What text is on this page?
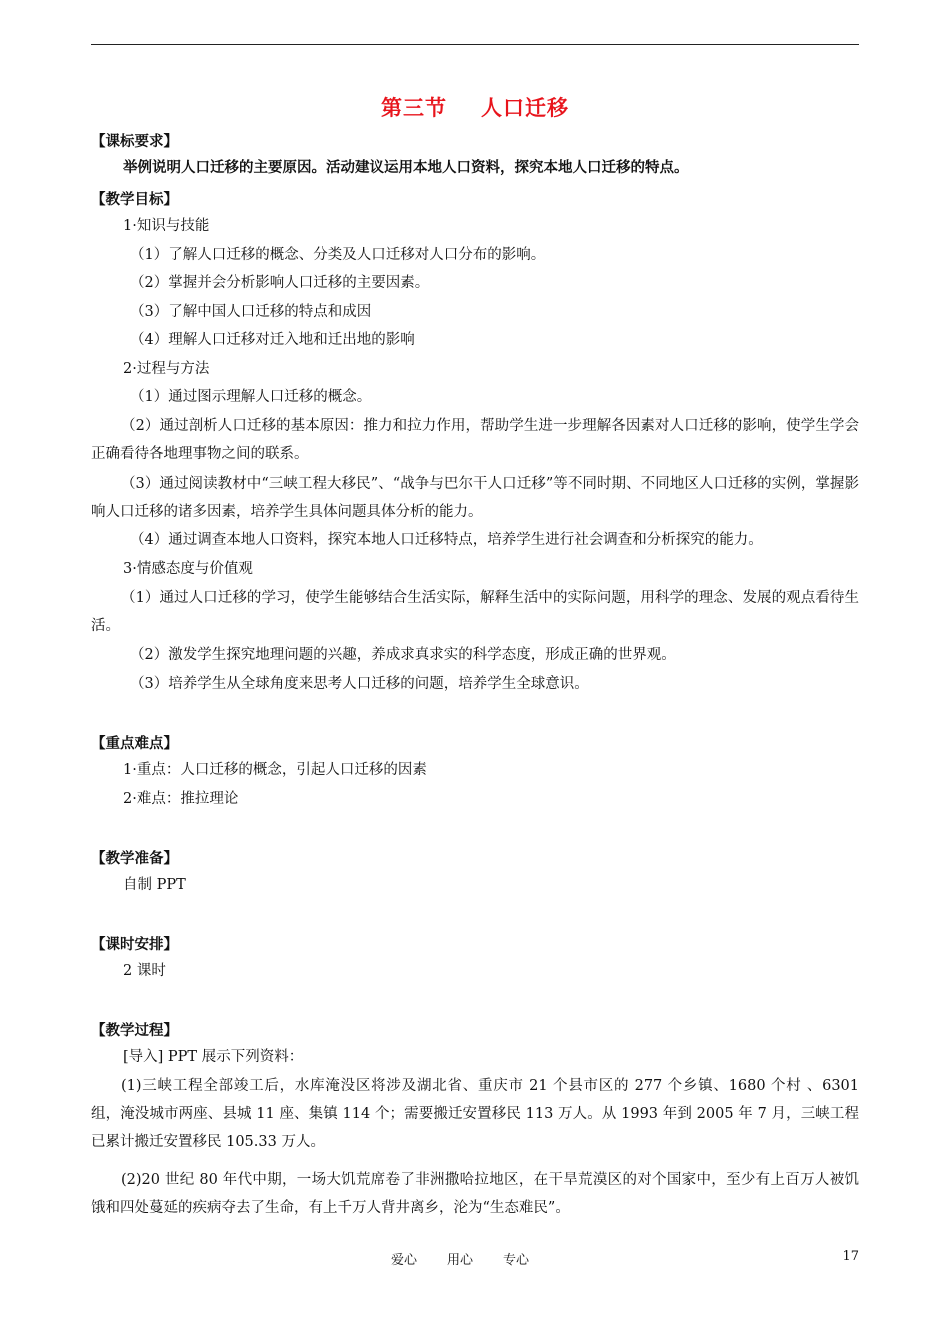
第三节 人口迁移
【课标要求】
举例说明人口迁移的主要原因。活动建议运用本地人口资料，探究本地人口迁移的特点。
【教学目标】
1·知识与技能
（1）了解人口迁移的概念、分类及人口迁移对人口分布的影响。
（2）掌握并会分析影响人口迁移的主要因素。
（3）了解中国人口迁移的特点和成因
（4）理解人口迁移对迁入地和迁出地的影响
2·过程与方法
（1）通过图示理解人口迁移的概念。
（2）通过剖析人口迁移的基本原因：推力和拉力作用，帮助学生进一步理解各因素对人口迁移的影响，使学生学会正确看待各地理事物之间的联系。
（3）通过阅读教材中“三峡工程大移民”、“战争与巴尔干人口迁移”等不同时期、不同地区人口迁移的实例，掌握影响人口迁移的诸多因素，培养学生具体问题具体分析的能力。
（4）通过调查本地人口资料，探究本地人口迁移特点，培养学生进行社会调查和分析探究的能力。
3·情感态度与价值观
（1）通过人口迁移的学习，使学生能够结合生活实际，解释生活中的实际问题，用科学的理念、发展的观点看待生活。
（2）激发学生探究地理问题的兴趣，养成求真求实的科学态度，形成正确的世界观。
（3）培养学生从全球角度来思考人口迁移的问题，培养学生全球意识。
【重点难点】
1·重点：人口迁移的概念，引起人口迁移的因素
2·难点：推拉理论
【教学准备】
自制 PPT
【课时安排】
2 课时
【教学过程】
[导入] PPT 展示下列资料：
(1)三峡工程全部竣工后，水库淹没区将涉及湖北省、重庆市 21 个县市区的 277 个乡镇、1680 个村 、6301 组，淹没城市两座、县城 11 座、集镇 114 个；需要搬迁安置移民 113 万人。从 1993 年到 2005 年 7 月，三峡工程已累计搬迁安置移民 105.33 万人。
(2)20 世纪 80 年代中期，一场大饥荒席卷了非洲撒哈拉地区，在干旱荒漠区的对个国家中，至少有上百万人被饥饿和四处蔓延的疾病夺去了生命，有上千万人背井离乡，沦为“生态难民”。
爱心 用心 专心	17
